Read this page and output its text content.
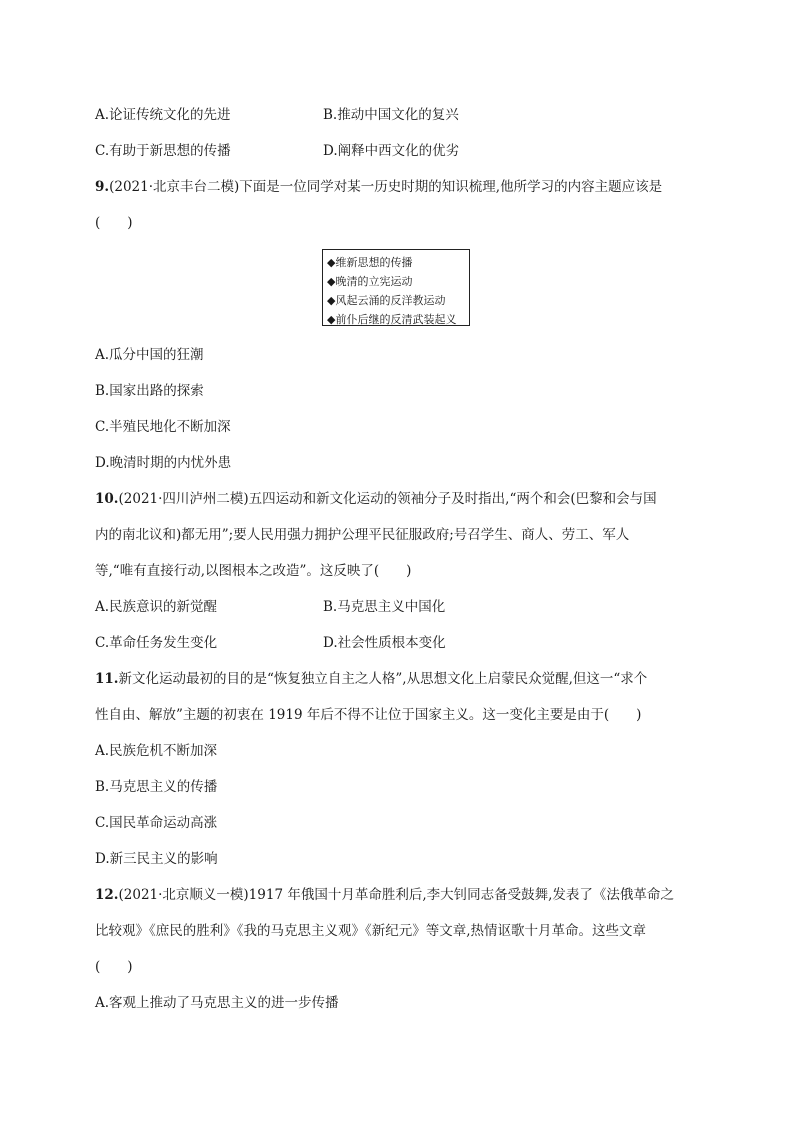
A.论证传统文化的先进	B.推动中国文化的复兴
C.有助于新思想的传播	D.阐释中西文化的优劣
9.(2021·北京丰台二模)下面是一位同学对某一历史时期的知识梳理,他所学习的内容主题应该是
(　　)
◆维新思想的传播
◆晚清的立宪运动
◆风起云涌的反洋教运动
◆前仆后继的反清武装起义
A.瓜分中国的狂潮
B.国家出路的探索
C.半殖民地化不断加深
D.晚清时期的内忧外患
10.(2021·四川泸州二模)五四运动和新文化运动的领袖分子及时指出,“两个和会(巴黎和会与国
内的南北议和)都无用”;要人民用强力拥护公理平民征服政府;号召学生、商人、劳工、军人
等,“唯有直接行动,以图根本之改造”。这反映了(　　)
A.民族意识的新觉醒	B.马克思主义中国化
C.革命任务发生变化	D.社会性质根本变化
11.新文化运动最初的目的是“恢复独立自主之人格”,从思想文化上启蒙民众觉醒,但这一“求个
性自由、解放”主题的初衷在 1919 年后不得不让位于国家主义。这一变化主要是由于(　　)
A.民族危机不断加深
B.马克思主义的传播
C.国民革命运动高涨
D.新三民主义的影响
12.(2021·北京顺义一模)1917 年俄国十月革命胜利后,李大钊同志备受鼓舞,发表了《法俄革命之
比较观》《庶民的胜利》《我的马克思主义观》《新纪元》等文章,热情讴歌十月革命。这些文章
(　　)
A.客观上推动了马克思主义的进一步传播
